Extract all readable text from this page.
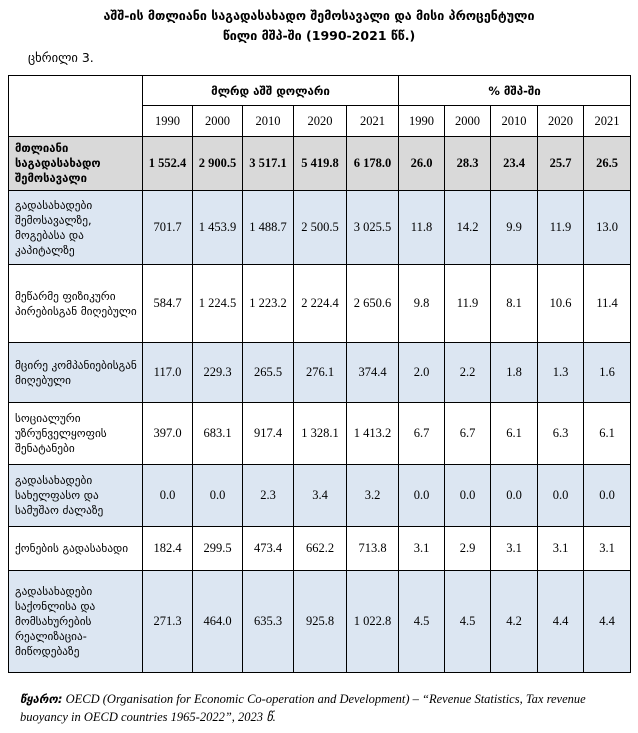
აშშ-ის მთლიანი საგადასახადო შემოსავალი და მისი პროცენტული
წილი მშპ-ში (1990-2021 წწ.)
ცხრილი 3.
	მლრდ აშშ დოლარი					% მშპ-ში				
	1990	2000	2010	2020	2021	1990	2000	2010	2020	2021
მთლიანი საგადასახადო შემოსავალი	1 552.4	2 900.5	3 517.1	5 419.8	6 178.0	26.0	28.3	23.4	25.7	26.5
გადასახადები შემოსავალზე, მოგებასა და კაპიტალზე	701.7	1 453.9	1 488.7	2 500.5	3 025.5	11.8	14.2	9.9	11.9	13.0
მეწარმე ფიზიკური პირებისგან მიღებული	584.7	1 224.5	1 223.2	2 224.4	2 650.6	9.8	11.9	8.1	10.6	11.4
მცირე კომპანიებისგან მიღებული	117.0	229.3	265.5	276.1	374.4	2.0	2.2	1.8	1.3	1.6
სოციალური უზრუნველყოფის შენატანები	397.0	683.1	917.4	1 328.1	1 413.2	6.7	6.7	6.1	6.3	6.1
გადასახადები სახელფასო და სამუშაო ძალაზე	0.0	0.0	2.3	3.4	3.2	0.0	0.0	0.0	0.0	0.0
ქონების გადასახადი	182.4	299.5	473.4	662.2	713.8	3.1	2.9	3.1	3.1	3.1
გადასახადები საქონლისა და მომსახურების რეალიზაცია-მიწოდებაზე	271.3	464.0	635.3	925.8	1 022.8	4.5	4.5	4.2	4.4	4.4
წყარო: OECD (Organisation for Economic Co-operation and Development) – “Revenue Statistics, Tax revenue buoyancy in OECD countries 1965-2022”, 2023 წ.
